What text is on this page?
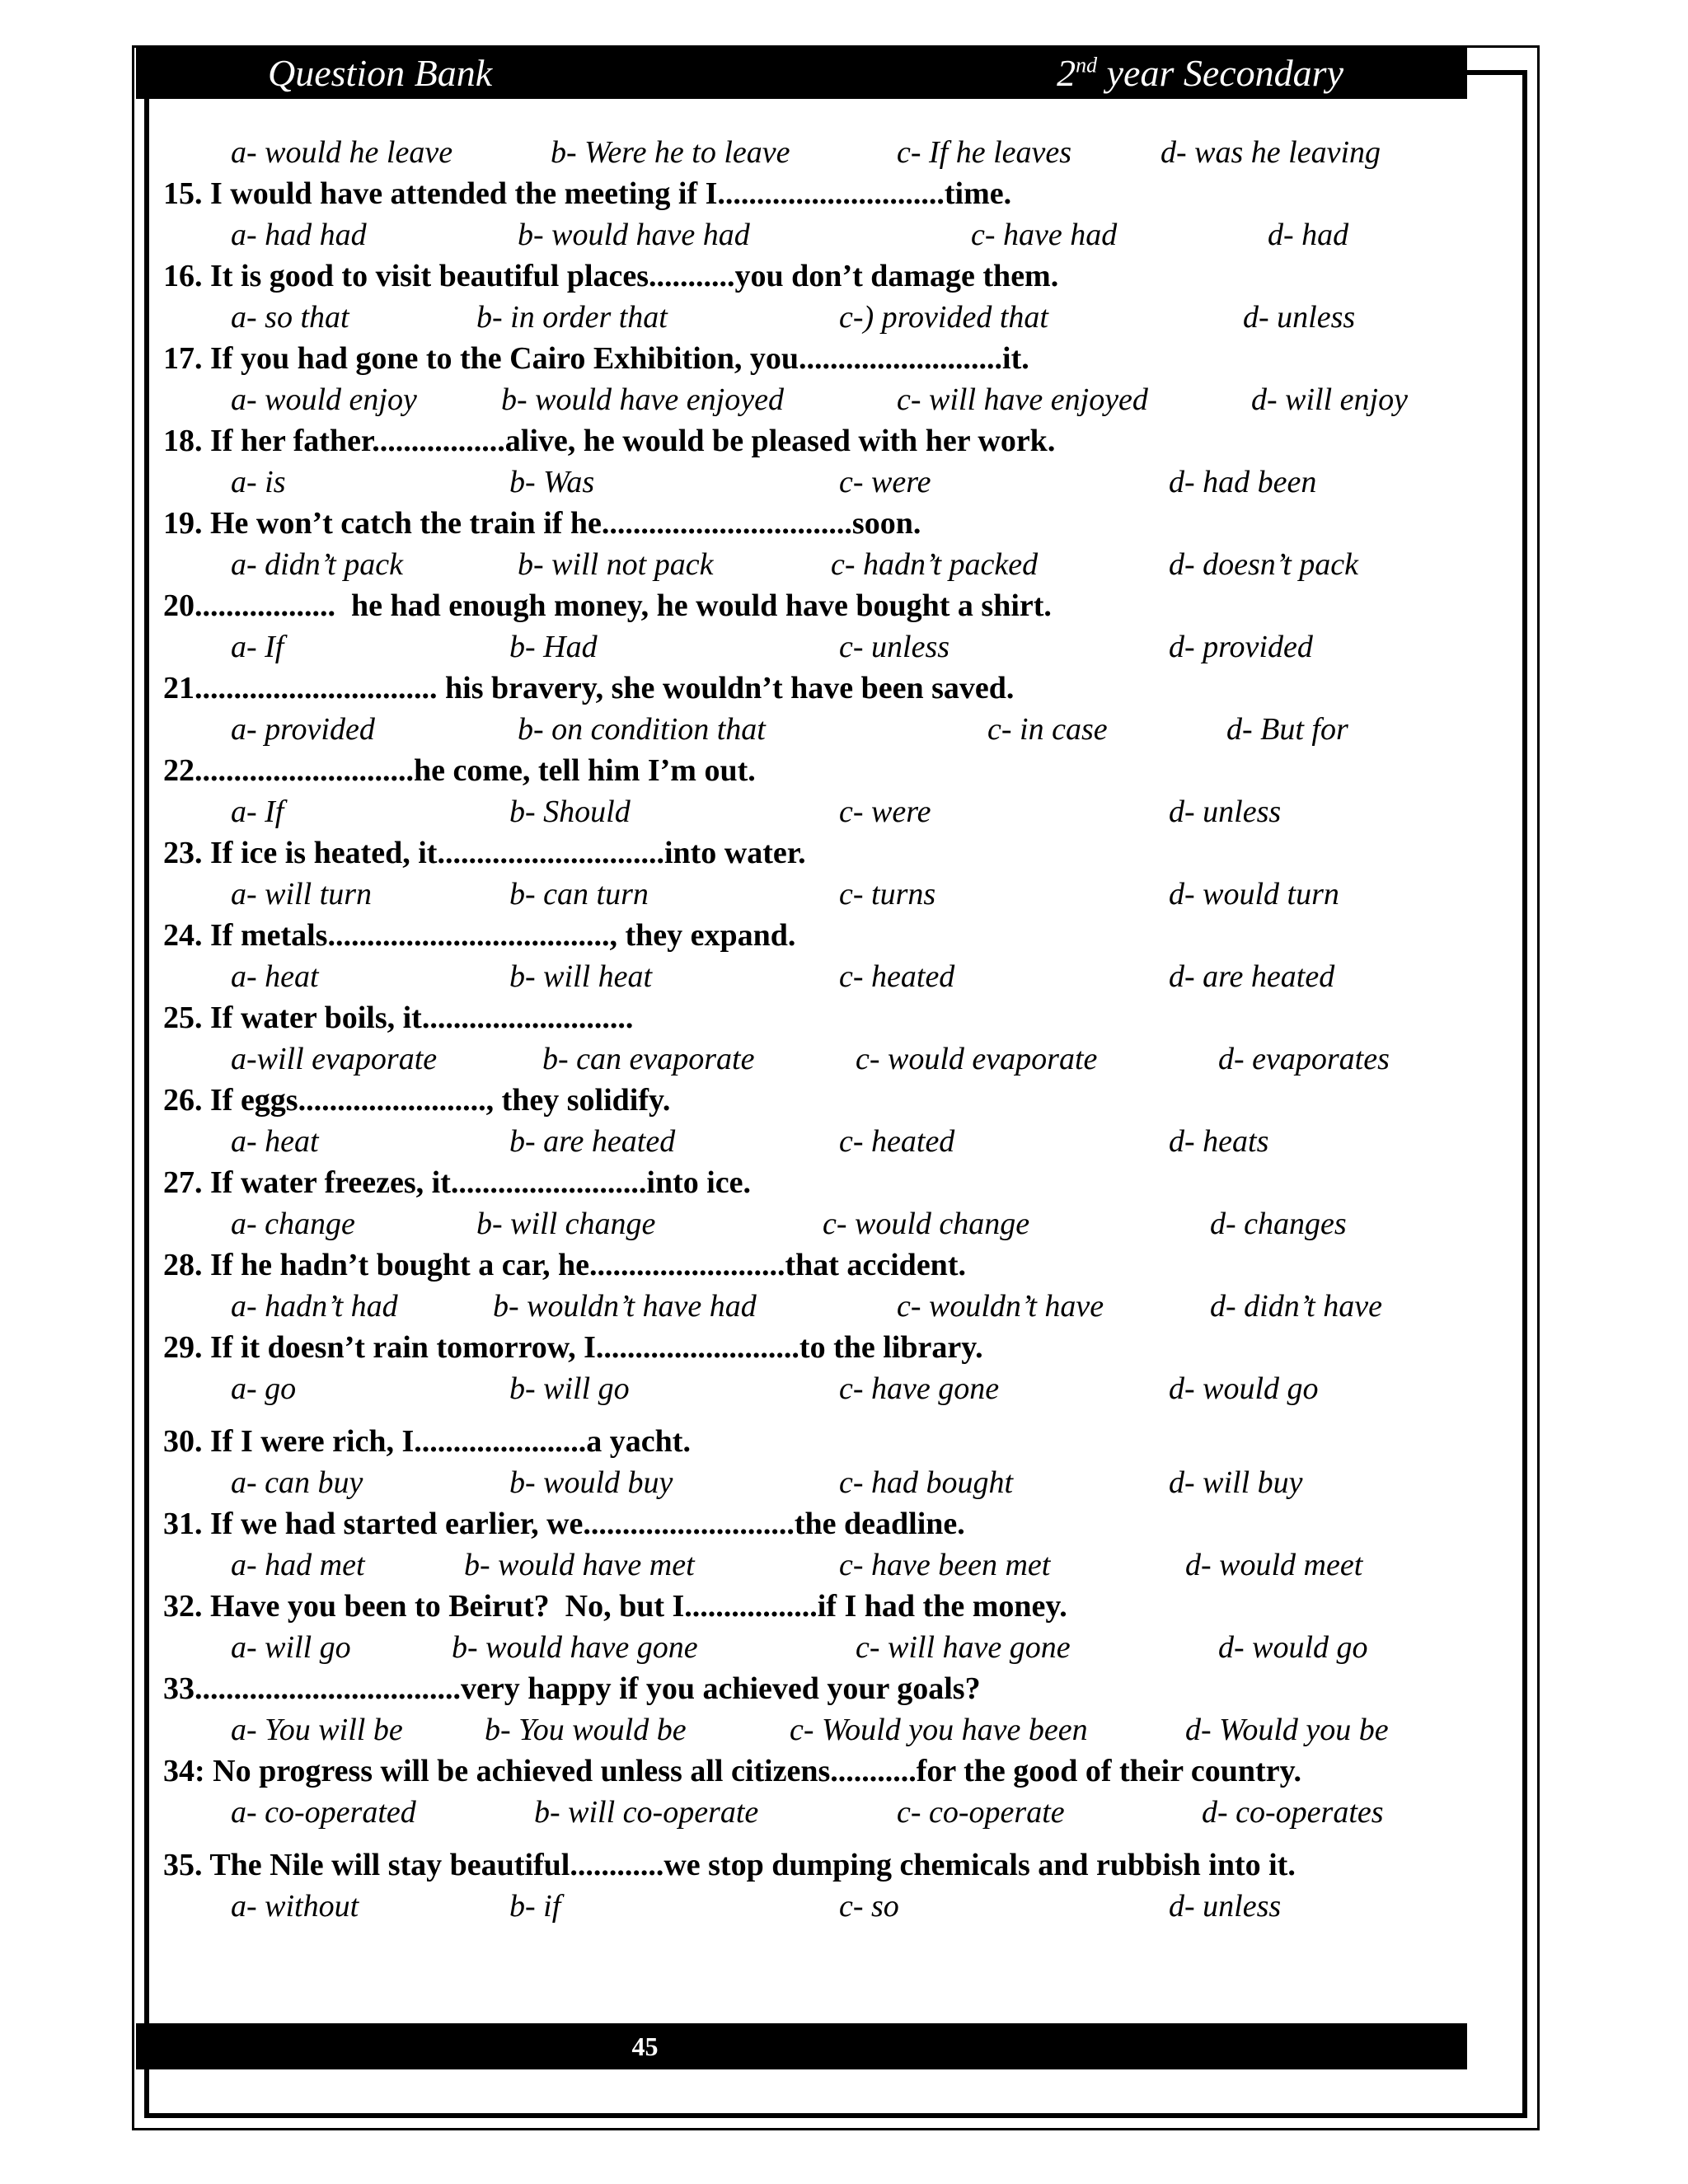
Question Bank	2nd year Secondary
a- would he leave	b- Were he to leave	c- If he leaves	d- was he leaving

15. I would have attended the meeting if I.............................time.

a- had had	b- would have had	c- have had	d- had

16. It is good to visit beautiful places...........you don’t damage them.

a- so that	b- in order that	c-) provided that	d- unless

17. If you had gone to the Cairo Exhibition, you..........................it.

a- would enjoy	b- would have enjoyed	c- will have enjoyed	d- will enjoy

18. If her father.................alive, he would be pleased with her work.

a- is	b- Was	c- were	d- had been

19. He won’t catch the train if he................................soon.

a- didn’t pack	b- will not pack	c- hadn’t packed	d- doesn’t pack

20..................  he had enough money, he would have bought a shirt.

a- If	b- Had	c- unless	d- provided

21............................... his bravery, she wouldn’t have been saved.

a- provided	b- on condition that	c- in case	d- But for

22............................he come, tell him I’m out.

a- If	b- Should	c- were	d- unless

23. If ice is heated, it.............................into water.

a- will turn	b- can turn	c- turns	d- would turn

24. If metals...................................., they expand.

a- heat	b- will heat	c- heated	d- are heated

25. If water boils, it...........................

a-will evaporate	b- can evaporate	c- would evaporate	d- evaporates

26. If eggs........................, they solidify.

a- heat	b- are heated	c- heated	d- heats

27. If water freezes, it.........................into ice.

a- change	b- will change	c- would change	d- changes

28. If he hadn’t bought a car, he.........................that accident.

a- hadn’t had	b- wouldn’t have had	c- wouldn’t have	d- didn’t have

29. If it doesn’t rain tomorrow, I..........................to the library.

a- go	b- will go	c- have gone	d- would go

30. If I were rich, I......................a yacht.

a- can buy	b- would buy	c- had bought	d- will buy

31. If we had started earlier, we...........................the deadline.

a- had met	b- would have met	c- have been met	d- would meet

32. Have you been to Beirut?  No, but I.................if I had the money.

a- will go	b- would have gone	c- will have gone	d- would go

33..................................very happy if you achieved your goals?

a- You will be	b- You would be	c- Would you have been	d- Would you be

34: No progress will be achieved unless all citizens...........for the good of their country.

a- co-operated	b- will co-operate	c- co-operate	d- co-operates

35. The Nile will stay beautiful............we stop dumping chemicals and rubbish into it.

a- without	b- if	c- so	d- unless
45
